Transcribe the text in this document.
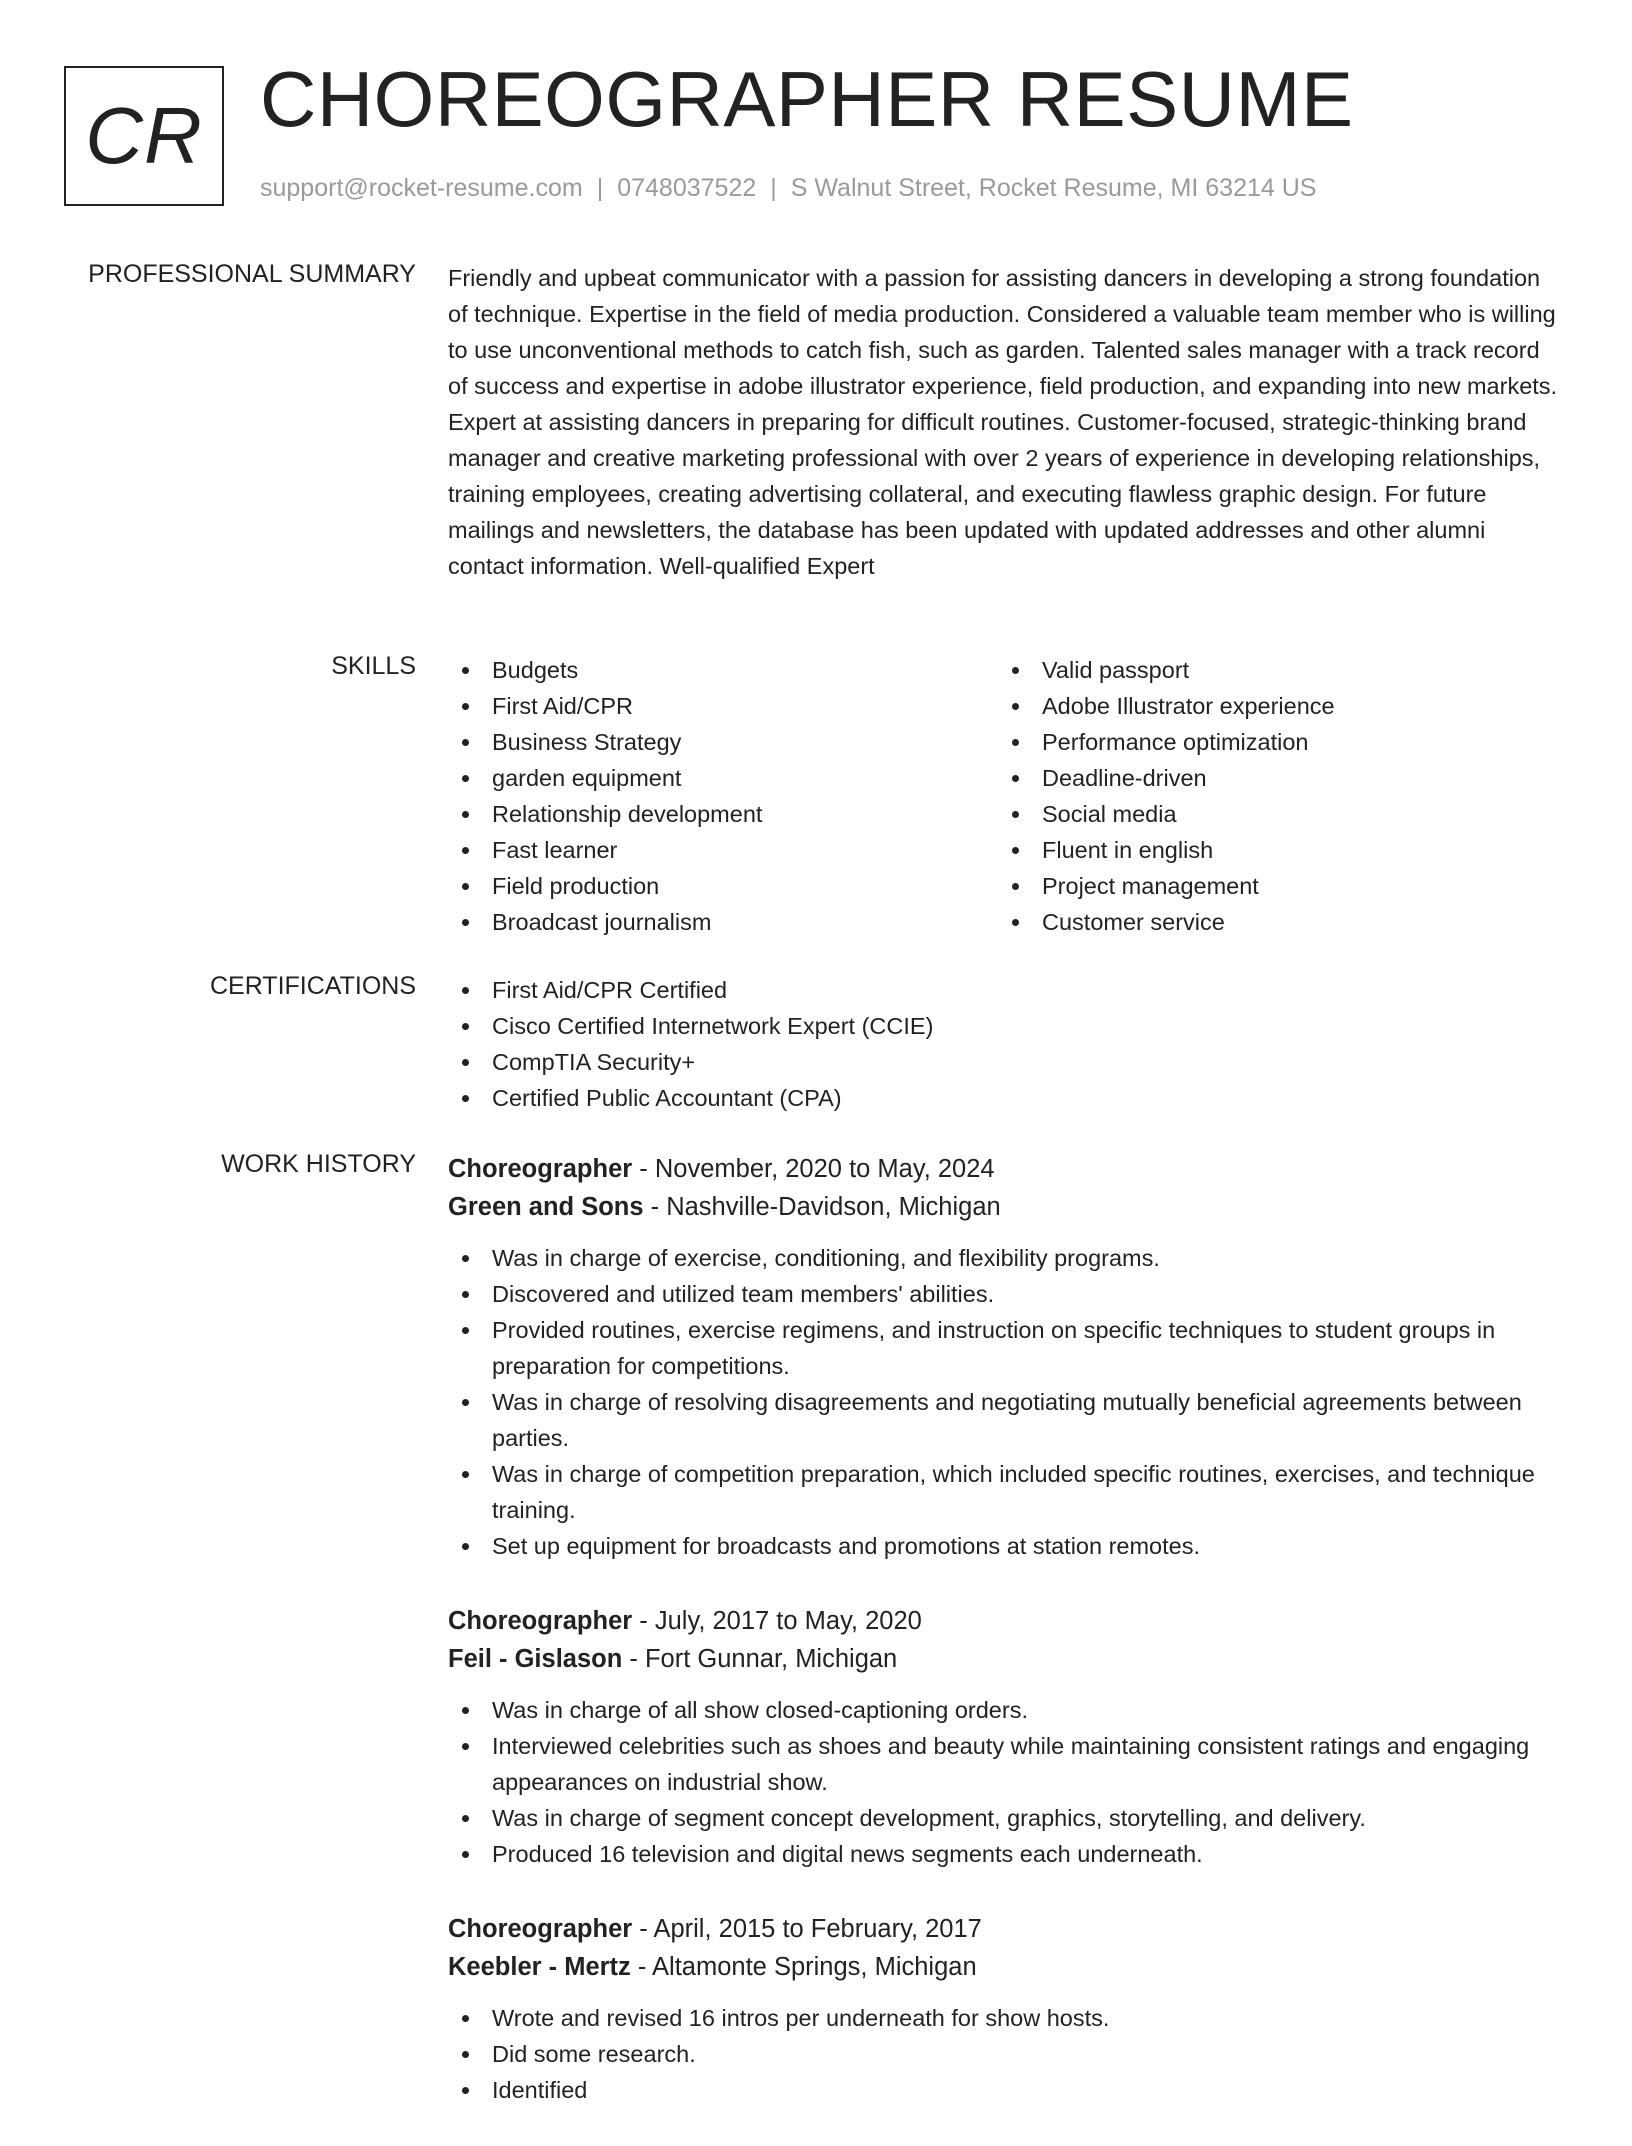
CR CHOREOGRAPHER RESUME
support@rocket-resume.com | 0748037522 | S Walnut Street, Rocket Resume, MI 63214 US
PROFESSIONAL SUMMARY Friendly and upbeat communicator with a passion for assisting dancers in developing a strong foundation of technique. Expertise in the field of media production. Considered a valuable team member who is willing to use unconventional methods to catch fish, such as garden. Talented sales manager with a track record of success and expertise in adobe illustrator experience, field production, and expanding into new markets. Expert at assisting dancers in preparing for difficult routines. Customer-focused, strategic-thinking brand manager and creative marketing professional with over 2 years of experience in developing relationships, training employees, creating advertising collateral, and executing flawless graphic design. For future mailings and newsletters, the database has been updated with updated addresses and other alumni contact information. Well-qualified Expert

SKILLS	Budgets
First Aid/CPR
Business Strategy
garden equipment
Relationship development
Fast learner
Field production
Broadcast journalism
Valid passport
Adobe Illustrator experience
Performance optimization
Deadline-driven
Social media
Fluent in english
Project management
Customer service
CERTIFICATIONS	First Aid/CPR Certified
Cisco Certified Internetwork Expert (CCIE)
CompTIA Security+
Certified Public Accountant (CPA)
WORK HISTORY Choreographer - November, 2020 to May, 2024
Green and Sons - Nashville-Davidson, Michigan
Was in charge of exercise, conditioning, and flexibility programs.
Discovered and utilized team members' abilities.
Provided routines, exercise regimens, and instruction on specific techniques to student groups in preparation for competitions.
Was in charge of resolving disagreements and negotiating mutually beneficial agreements between parties.
Was in charge of competition preparation, which included specific routines, exercises, and technique training.
Set up equipment for broadcasts and promotions at station remotes.
Choreographer - July, 2017 to May, 2020
Feil - Gislason - Fort Gunnar, Michigan
Was in charge of all show closed-captioning orders.
Interviewed celebrities such as shoes and beauty while maintaining consistent ratings and engaging appearances on industrial show.
Was in charge of segment concept development, graphics, storytelling, and delivery.
Produced 16 television and digital news segments each underneath.
Choreographer - April, 2015 to February, 2017
Keebler - Mertz - Altamonte Springs, Michigan
Wrote and revised 16 intros per underneath for show hosts.
Did some research.
Identified
